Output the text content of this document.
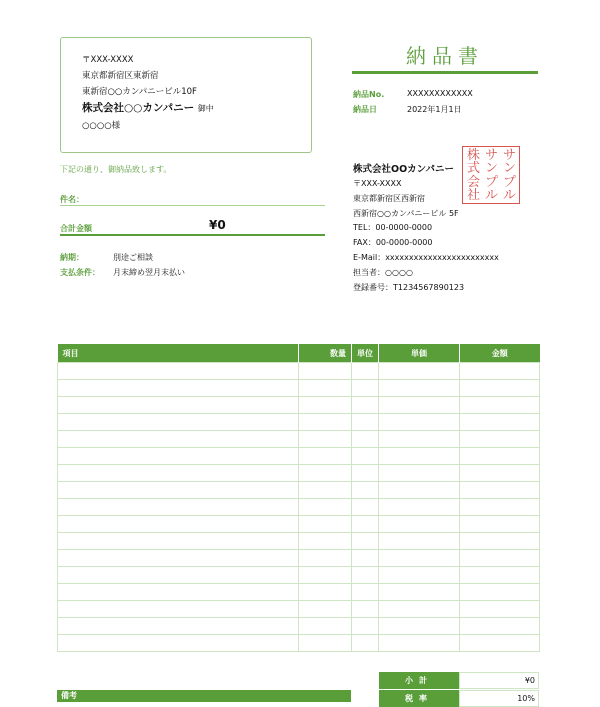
〒XXX-XXXX
東京都新宿区東新宿
東新宿○○カンパニービル10F
株式会社○○カンパニー 御中
○○○○様
納品書
納品No.	XXXXXXXXXXXX
納品日	2022年1月1日
下記の通り、御納品致します。
件名：
合計金額	¥0
納期：	別途ご相談
支払条件： 月末締め翌月末払い
株式会社OOカンパニー
〒XXX-XXXX
東京都新宿区西新宿
西新宿○○カンパニービル 5F
TEL：00-0000-0000
FAX：00-0000-0000
E-Mail：xxxxxxxxxxxxxxxxxxxxxxxx
担当者：○○○○
登録番号：T1234567890123
サ
ン
プ
ル
サ
ン
プ
ル
株
式
会
社
項目	数量	単位	単価	金額

小計	¥0
税率	10%
備考
